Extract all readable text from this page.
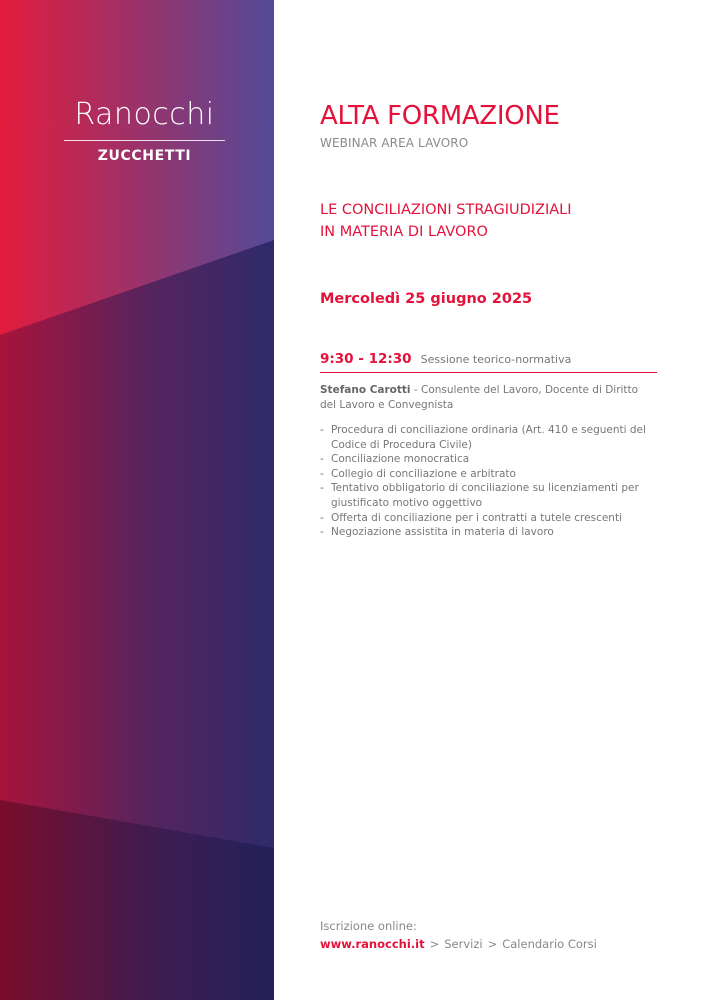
Ranocchi
ZUCCHETTI
ALTA FORMAZIONE
WEBINAR AREA LAVORO
LE CONCILIAZIONI STRAGIUDIZIALI
IN MATERIA DI LAVORO
Mercoledì 25 giugno 2025
9:30 - 12:30 Sessione teorico-normativa
Stefano Carotti - Consulente del Lavoro, Docente di Diritto del Lavoro e Convegnista
- Procedura di conciliazione ordinaria (Art. 410 e seguenti del Codice di Procedura Civile)
- Conciliazione monocratica
- Collegio di conciliazione e arbitrato
- Tentativo obbligatorio di conciliazione su licenziamenti per giustificato motivo oggettivo
- Offerta di conciliazione per i contratti a tutele crescenti
- Negoziazione assistita in materia di lavoro
Iscrizione online:
www.ranocchi.it > Servizi > Calendario Corsi
